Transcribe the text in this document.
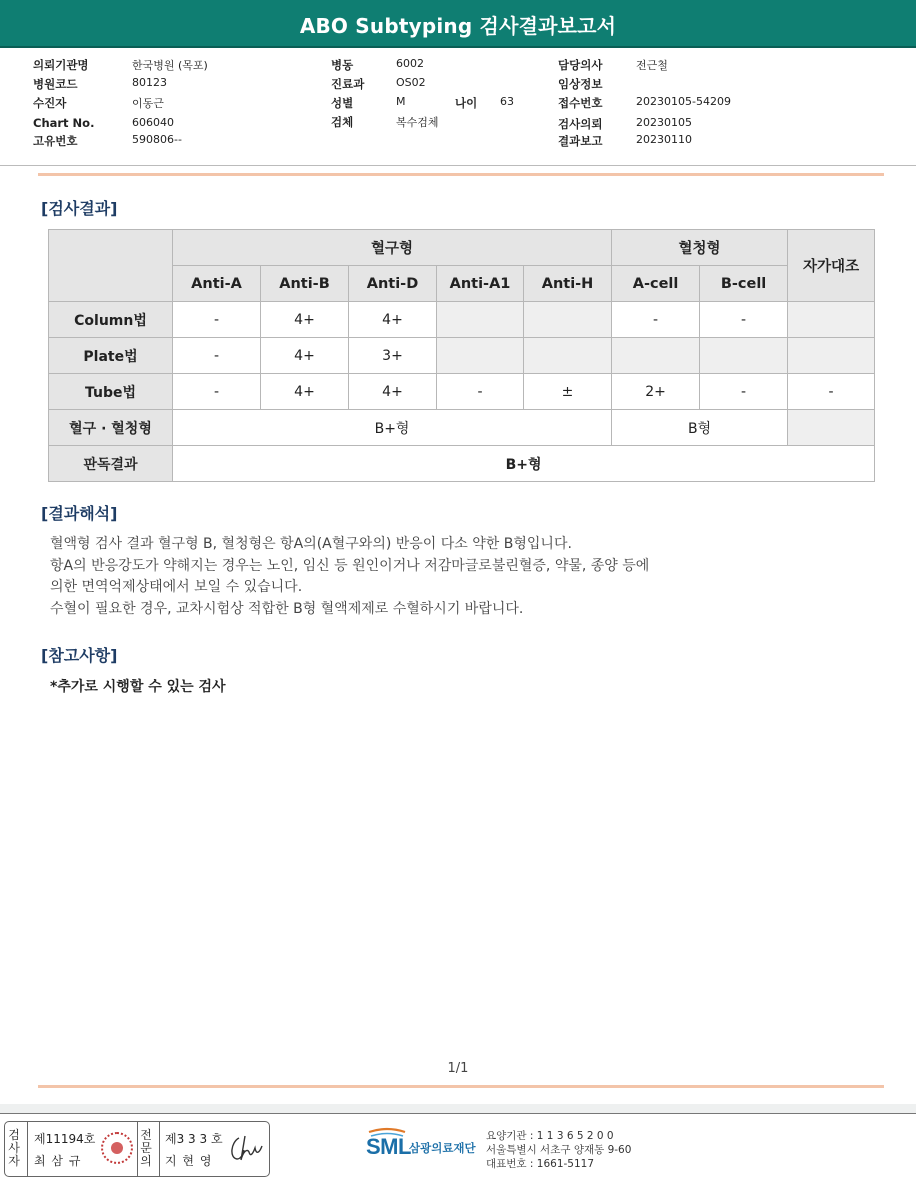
ABO Subtyping 검사결과보고서
의뢰기관명	한국병원 (목포)
병원코드	80123
수진자	이동근
Chart No.	606040
고유번호	590806--
병동	6002
진료과	OS02
성별	M	나이 63
검체	복수검체
담당의사	전근철
임상정보
접수번호	20230105-54209
검사의뢰	20230105
결과보고	20230110
[검사결과]
	혈구형					혈청형		자가대조
	Anti-A	Anti-B	Anti-D	Anti-A1	Anti-H	A-cell	B-cell	
Column법	-	4+	4+			-	-	
Plate법	-	4+	3+					
Tube법	-	4+	4+	-	±	2+	-	-
혈구 · 혈청형	B+형					B형		
판독결과	B+형							
[결과해석]
혈액형 검사 결과 혈구형 B, 혈청형은 항A의(A혈구와의) 반응이 다소 약한 B형입니다.
항A의 반응강도가 약해지는 경우는 노인, 임신 등 원인이거나 저감마글로불린혈증, 약물, 종양 등에
의한 면역억제상태에서 보일 수 있습니다.
수혈이 필요한 경우, 교차시험상 적합한 B형 혈액제제로 수혈하시기 바랍니다.
[참고사항]
*추가로 시행할 수 있는 검사
1/1
검사자
제11194호
최 삼 규
전문의
제3 3 3 호
지 현 영
SML
삼광의료재단
요양기관 : 1 1 3 6 5 2 0 0
서울특별시 서초구 양재동 9-60
대표번호 : 1661-5117
